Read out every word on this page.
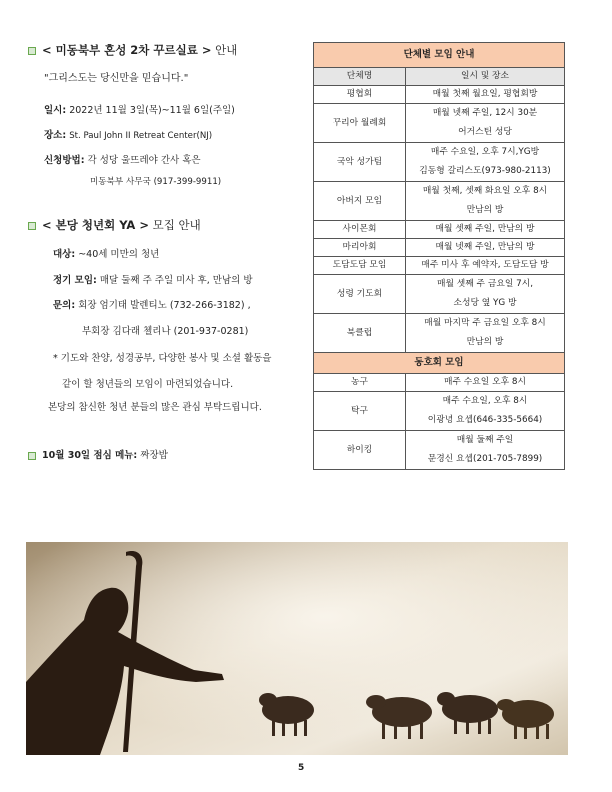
< 미동북부 혼성 2차 꾸르실료 > 안내
"그리스도는 당신만을 믿습니다."
일시: 2022년 11월 3일(목)~11월 6일(주일)
장소: St. Paul John II Retreat Center(NJ)
신청방법: 각 성당 울뜨레야 간사 혹은
미동북부 사무국 (917-399-9911)
< 본당 청년회 YA > 모집 안내
대상: ~40세 미만의 청년
정기 모임: 매달 둘째 주 주일 미사 후, 만남의 방
문의: 회장 엄기태 발렌티노 (732-266-3182) ,
부회장 김다래 첼리나 (201-937-0281)
* 기도와 찬양, 성경공부, 다양한 봉사 및 소셜 활동을
같이 할 청년들의 모임이 마련되었습니다.
본당의 참신한 청년 분들의 많은 관심 부탁드립니다.
10월 30일 점심 메뉴: 짜장밥
단체별 모임 안내	
단체명	일시 및 장소
평협회	매월 첫째 월요일, 평협회방

꾸리아 월례회	매월 넷째 주일, 12시 30분
어거스틴 성당

국악 성가팀	매주 수요일, 오후 7시,YG방
김동형 갈리스도(973-980-2113)

아버지 모임	매월 첫째, 셋째 화요일 오후 8시
만남의 방

사이몬회	매월 셋째 주일, 만남의 방

마리아회	매월 넷째 주일, 만남의 방

도담도담 모임	매주 미사 후 예약자, 도담도담 방

성령 기도회	매월 셋째 주 금요일 7시,
소성당 옆 YG 방

북클럽	매월 마지막 주 금요일 오후 8시
만남의 방

동호회 모임	
농구	매주 수요일 오후 8시

탁구	매주 수요일, 오후 8시
이광녕 요셉(646-335-5664)

하이킹	매월 둘째 주일
문경신 요셉(201-705-7899)
5
